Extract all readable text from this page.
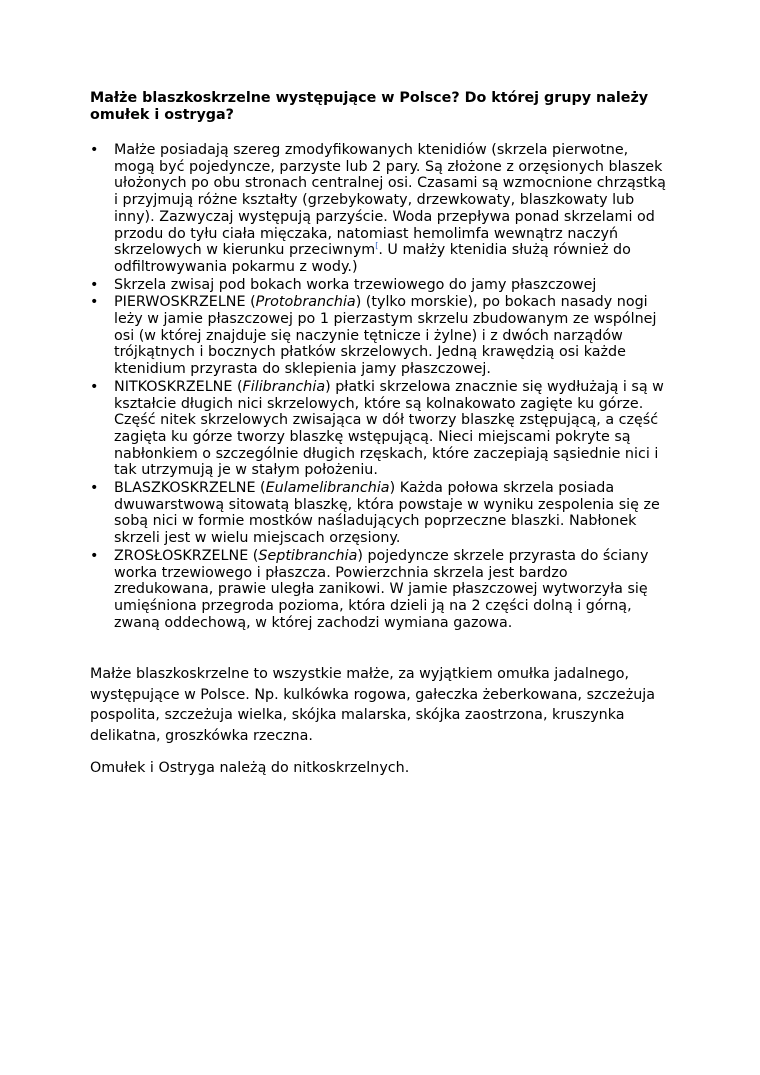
Małże blaszkoskrzelne występujące w Polsce? Do której grupy należy omułek i ostryga?
• Małże posiadają szereg zmodyfikowanych ktenidiów (skrzela pierwotne, mogą być pojedyncze, parzyste lub 2 pary. Są złożone z orzęsionych blaszek ułożonych po obu stronach centralnej osi. Czasami są wzmocnione chrząstką i przyjmują różne kształty (grzebykowaty, drzewkowaty, blaszkowaty lub inny). Zazwyczaj występują parzyście. Woda przepływa ponad skrzelami od przodu do tyłu ciała mięczaka, natomiast hemolimfa wewnątrz naczyń skrzelowych w kierunku przeciwnym[. U małży ktenidia służą również do odfiltrowywania pokarmu z wody.)
• Skrzela zwisaj pod bokach worka trzewiowego do jamy płaszczowej
• PIERWOSKRZELNE (Protobranchia) (tylko morskie), po bokach nasady nogi leży w jamie płaszczowej po 1 pierzastym skrzelu zbudowanym ze wspólnej osi (w której znajduje się naczynie tętnicze i żylne) i z dwóch narządów trójkątnych i bocznych płatków skrzelowych. Jedną krawędzią osi każde ktenidium przyrasta do sklepienia jamy płaszczowej.
• NITKOSKRZELNE (Filibranchia) płatki skrzelowa znacznie się wydłużają i są w kształcie długich nici skrzelowych, które są kolnakowato zagięte ku górze. Część nitek skrzelowych zwisająca w dół tworzy blaszkę zstępującą, a część zagięta ku górze tworzy blaszkę wstępującą. Nieci miejscami pokryte są nabłonkiem o szczególnie długich rzęskach, które zaczepiają sąsiednie nici i tak utrzymują je w stałym położeniu.
• BLASZKOSKRZELNE (Eulamelibranchia) Każda połowa skrzela posiada dwuwarstwową sitowatą blaszkę, która powstaje w wyniku zespolenia się ze sobą nici w formie mostków naśladujących poprzeczne blaszki. Nabłonek skrzeli jest w wielu miejscach orzęsiony.
• ZROSŁOSKRZELNE (Septibranchia) pojedyncze skrzele przyrasta do ściany worka trzewiowego i płaszcza. Powierzchnia skrzela jest bardzo zredukowana, prawie uległa zanikowi. W jamie płaszczowej wytworzyła się umięśniona przegroda pozioma, która dzieli ją na 2 części dolną i górną, zwaną oddechową, w której zachodzi wymiana gazowa.

Małże blaszkoskrzelne to wszystkie małże, za wyjątkiem omułka jadalnego, występujące w Polsce. Np. kulkówka rogowa, gałeczka żeberkowana, szczeżuja pospolita, szczeżuja wielka, skójka malarska, skójka zaostrzona, kruszynka delikatna, groszkówka rzeczna.

Omułek i Ostryga należą do nitkoskrzelnych.
